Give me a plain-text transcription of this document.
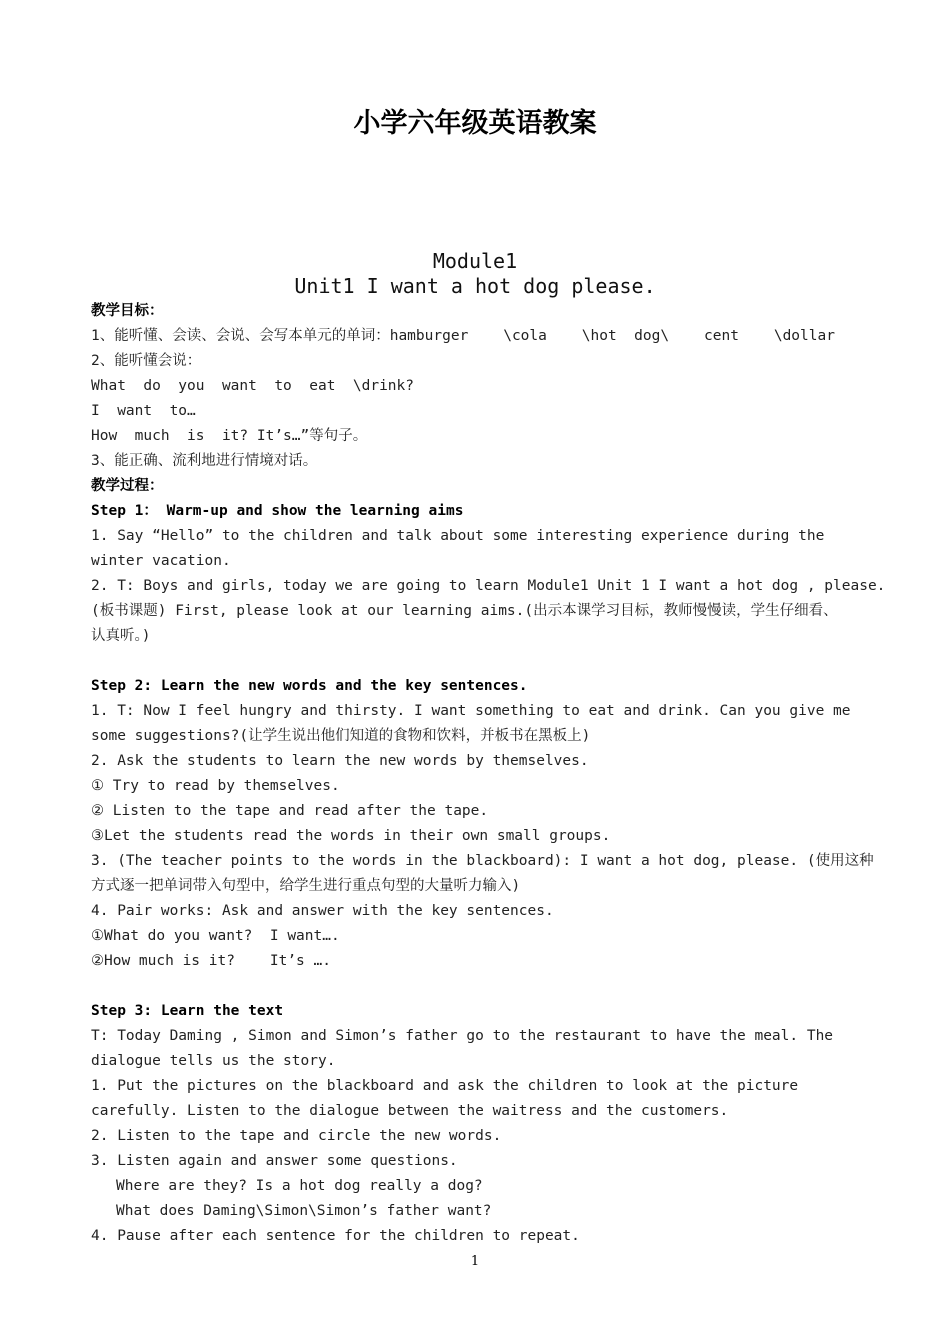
小学六年级英语教案
Module1
Unit1 I want a hot dog please.
教学目标：
1、能听懂、会读、会说、会写本单元的单词：hamburger    \cola    \hot  dog\    cent    \dollar
2、能听懂会说：
What  do  you  want  to  eat  \drink?
I  want  to…
How  much  is  it? It’s…”等句子。
3、能正确、流利地进行情境对话。
教学过程：
Step 1： Warm-up and show the learning aims
1. Say “Hello” to the children and talk about some interesting experience during the
winter vacation.
2. T: Boys and girls, today we are going to learn Module1 Unit 1 I want a hot dog , please.
(板书课题) First, please look at our learning aims.(出示本课学习目标，教师慢慢读，学生仔细看、
认真听。)
Step 2: Learn the new words and the key sentences.
1. T: Now I feel hungry and thirsty. I want something to eat and drink. Can you give me
some suggestions?(让学生说出他们知道的食物和饮料，并板书在黑板上)
2. Ask the students to learn the new words by themselves.
① Try to read by themselves.
② Listen to the tape and read after the tape.
③Let the students read the words in their own small groups.
3. (The teacher points to the words in the blackboard): I want a hot dog, please. (使用这种
方式逐一把单词带入句型中，给学生进行重点句型的大量听力输入)
4. Pair works: Ask and answer with the key sentences.
①What do you want?  I want….
②How much is it?    It’s ….
Step 3: Learn the text
T: Today Daming , Simon and Simon’s father go to the restaurant to have the meal. The
dialogue tells us the story.
1. Put the pictures on the blackboard and ask the children to look at the picture
carefully. Listen to the dialogue between the waitress and the customers.
2. Listen to the tape and circle the new words.
3. Listen again and answer some questions.
Where are they? Is a hot dog really a dog?
What does Daming\Simon\Simon’s father want?
4. Pause after each sentence for the children to repeat.
1
